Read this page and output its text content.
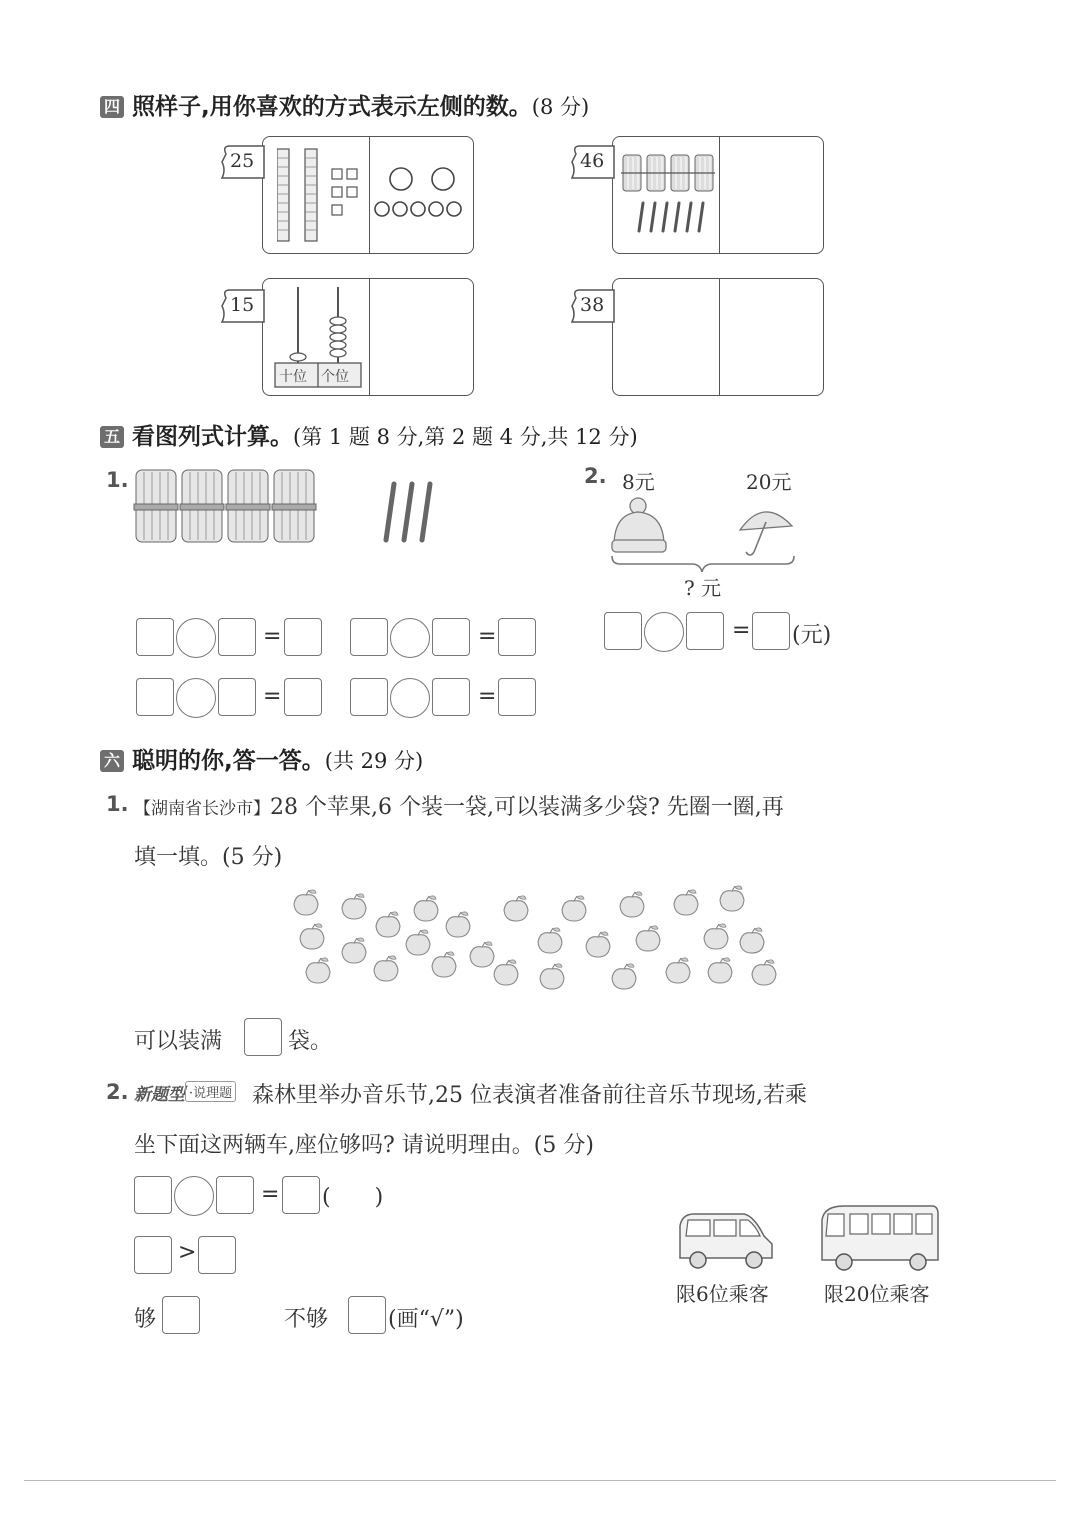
四 照样子,用你喜欢的方式表示左侧的数。(8 分)
25	46
十位 个位
15	38
五 看图列式计算。(第 1 题 8 分,第 2 题 4 分,共 12 分)
1.	2. 8元	20元
? 元
=	=
=	=
= (元)
六 聪明的你,答一答。(共 29 分)
1. 【湖南省长沙市】28 个苹果,6 个装一袋,可以装满多少袋? 先圈一圈,再
填一填。(5 分)
可以装满	袋。
2. 新题型 ·说理题 森林里举办音乐节,25 位表演者准备前往音乐节现场,若乘
坐下面这两辆车,座位够吗? 请说明理由。(5 分)
= (　　)
>
够	不够	(画“√”)
限6位乘客	限20位乘客
